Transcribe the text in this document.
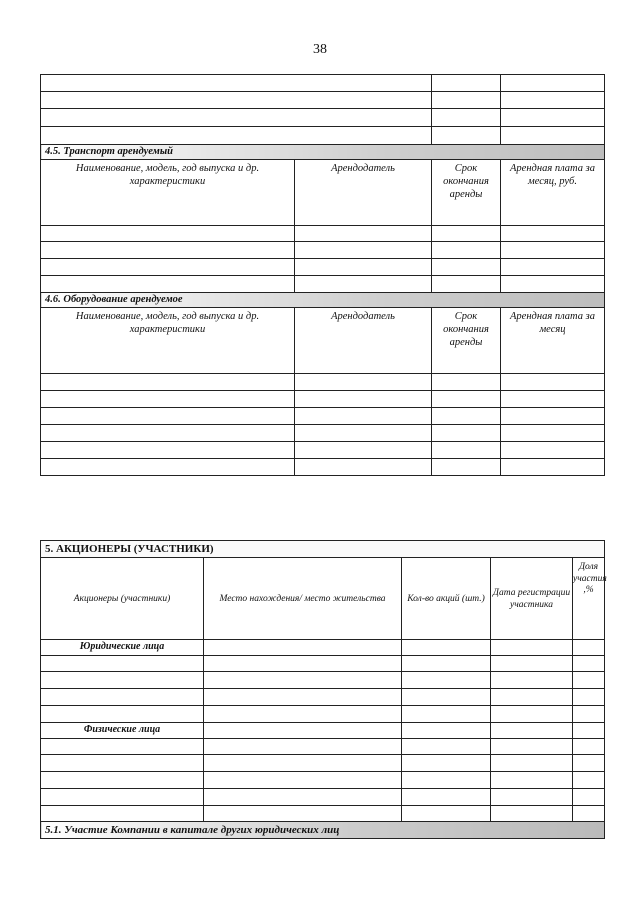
38

4.5. Транспорт арендуемый			
Наименование, модель, год выпуска и др. характеристики	Арендодатель	Срок окончания аренды	Арендная плата за месяц, руб.

4.6. Оборудование арендуемое			
Наименование, модель, год выпуска и др. характеристики	Арендодатель	Срок окончания аренды	Арендная плата за месяц

5. АКЦИОНЕРЫ (УЧАСТНИКИ)				
Акционеры (участники)	Место нахождения/ место жительства	Кол-во акций (шт.)	Дата регистрации участника	Доля участия ,%
Юридические лица				

Физические лица				

5.1. Участие Компании в капитале других юридических лиц				
